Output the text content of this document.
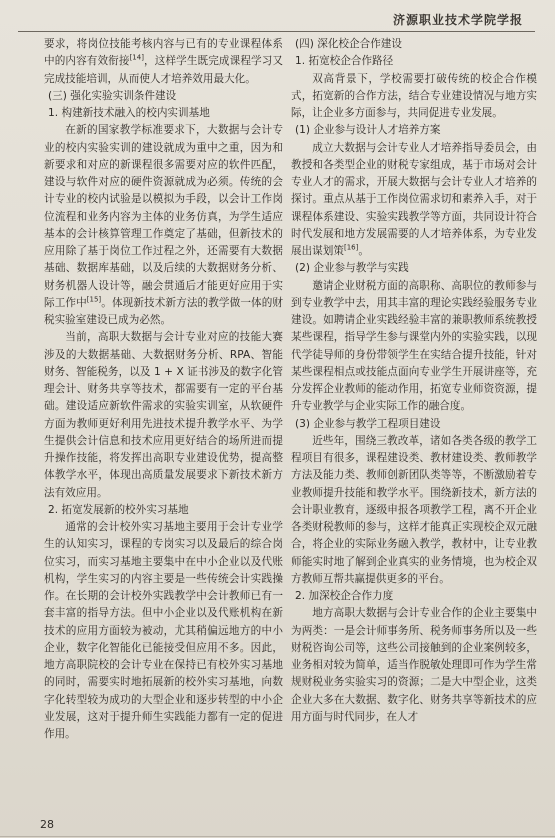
济源职业技术学院学报

要求，将岗位技能考核内容与已有的专业课程体系中的内容有效衔接[14]，这样学生既完成课程学习又完成技能培训，从而使人才培养效用最大化。

(三) 强化实验实训条件建设

1. 构建新技术融入的校内实训基地

在新的国家教学标准要求下，大数据与会计专业的校内实验实训的建设就成为重中之重，因为和新要求和对应的新课程很多需要对应的软件匹配，建设与软件对应的硬件资源就成为必须。传统的会计专业的校内试验是以模拟为手段，以会计工作岗位流程和业务内容为主体的业务仿真，为学生适应基本的会计核算管理工作奠定了基础，但新技术的应用除了基于岗位工作过程之外，还需要有大数据基础、数据库基础，以及后续的大数据财务分析、财务机器人设计等，融会贯通后才能更好应用于实际工作中[15]。体现新技术新方法的教学做一体的财税实验室建设已成为必然。

当前，高职大数据与会计专业对应的技能大赛涉及的大数据基础、大数据财务分析、RPA、智能财务、智能税务，以及 1 + X 证书涉及的数字化管理会计、财务共享等技术，都需要有一定的平台基础。建设适应新软件需求的实验实训室，从软硬件方面为教师更好利用先进技术提升教学水平、为学生提供会计信息和技术应用更好结合的场所进而提升操作技能，将发挥出高职专业建设优势，提高整体教学水平，体现出高质量发展要求下新技术新方法有效应用。

2. 拓宽发展新的校外实习基地

通常的会计校外实习基地主要用于会计专业学生的认知实习，课程的专岗实习以及最后的综合岗位实习，而实习基地主要集中在中小企业以及代账机构，学生实习的内容主要是一些传统会计实践操作。在长期的会计校外实践教学中会计教师已有一套丰富的指导方法。但中小企业以及代账机构在新技术的应用方面较为被动，尤其稍偏远地方的中小企业，数字化智能化已能接受但应用不多。因此，地方高职院校的会计专业在保持已有校外实习基地的同时，需要实时地拓展新的校外实习基地，向数字化转型较为成功的大型企业和逐步转型的中小企业发展，这对于提升师生实践能力都有一定的促进作用。

(四) 深化校企合作建设

1. 拓宽校企合作路径

双高背景下，学校需要打破传统的校企合作模式，拓宽新的合作方法，结合专业建设情况与地方实际，让企业多方面参与，共同促进专业发展。

(1) 企业参与设计人才培养方案

成立大数据与会计专业人才培养指导委员会，由教授和各类型企业的财税专家组成，基于市场对会计专业人才的需求，开展大数据与会计专业人才培养的探讨。重点从基于工作岗位需求切和素养入手，对于课程体系建设、实验实践教学等方面，共同设计符合时代发展和地方发展需要的人才培养体系，为专业发展出谋划策[16]。

(2) 企业参与教学与实践

邀请企业财税方面的高职称、高职位的教师参与到专业教学中去，用其丰富的理论实践经验服务专业建设。如聘请企业实践经验丰富的兼职教师系统教授某些课程，指导学生参与课堂内外的实验实践，以现代学徒导师的身份带领学生在实结合提升技能，针对某些课程相点或技能点面向专业学生开展讲座等，充分发挥企业教师的能动作用，拓宽专业师资资源，提升专业教学与企业实际工作的融合度。

(3) 企业参与教学工程项目建设

近些年，围绕三教改革，诸如各类各级的教学工程项目有很多，课程建设类、教材建设类、教师教学方法及能力类、教师创新团队类等等，不断激励着专业教师提升技能和教学水平。围绕新技术，新方法的会计职业教育，逐级申报各项教学工程，离不开企业各类财税教师的参与，这样才能真正实现校企双元融合，将企业的实际业务融入教学，教材中，让专业教师能实时地了解到企业真实的业务情境，也为校企双方教师互帮共赢提供更多的平台。

2. 加深校企合作力度

地方高职大数据与会计专业合作的企业主要集中为两类：一是会计师事务所、税务师事务所以及一些财税咨询公司等，这些公司接触到的企业案例较多，业务相对较为简单，适当作脱敏处理即可作为学生常规财税业务实验实习的资源；二是大中型企业，这类企业大多在大数据、数字化、财务共享等新技术的应用方面与时代同步，在人才

28
